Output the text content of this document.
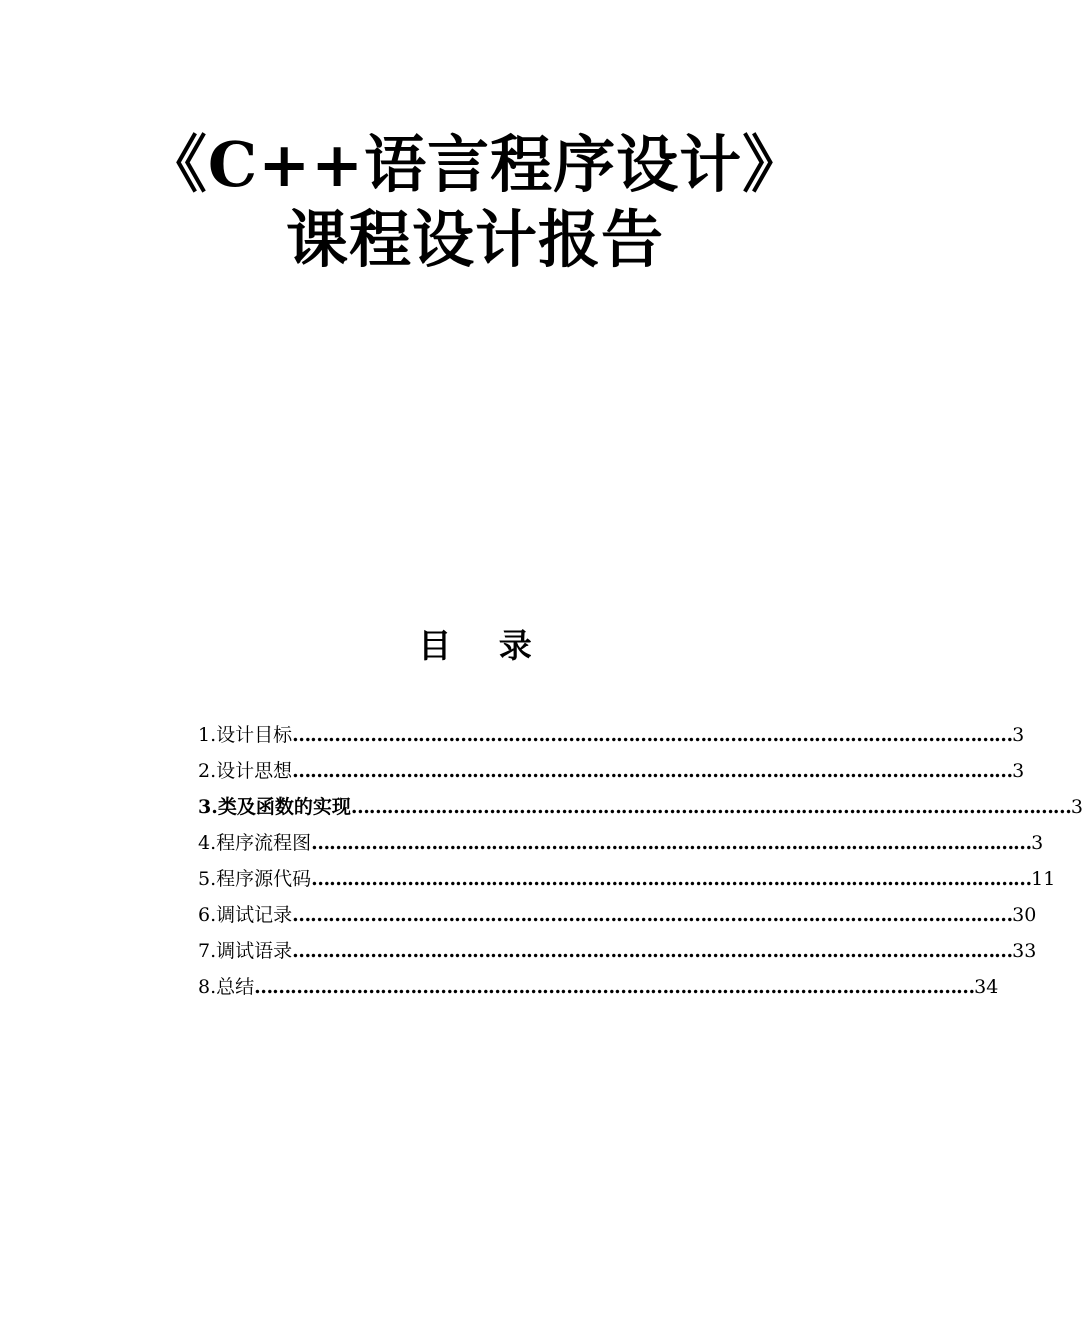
《C++语言程序设计》
课程设计报告
目 录
1.设计目标 ………………………………………………………………………………………………………… 3
2.设计思想 ………………………………………………………………………………………………………… 3
3.类及函数的实现 ………………………………………………………………………………………………………… 3
4.程序流程图 ………………………………………………………………………………………………………… 3
5.程序源代码 ………………………………………………………………………………………………………… 11
6.调试记录 ………………………………………………………………………………………………………… 30
7.调试语录 ………………………………………………………………………………………………………… 33
8.总结 ………………………………………………………………………………………………………… 34
